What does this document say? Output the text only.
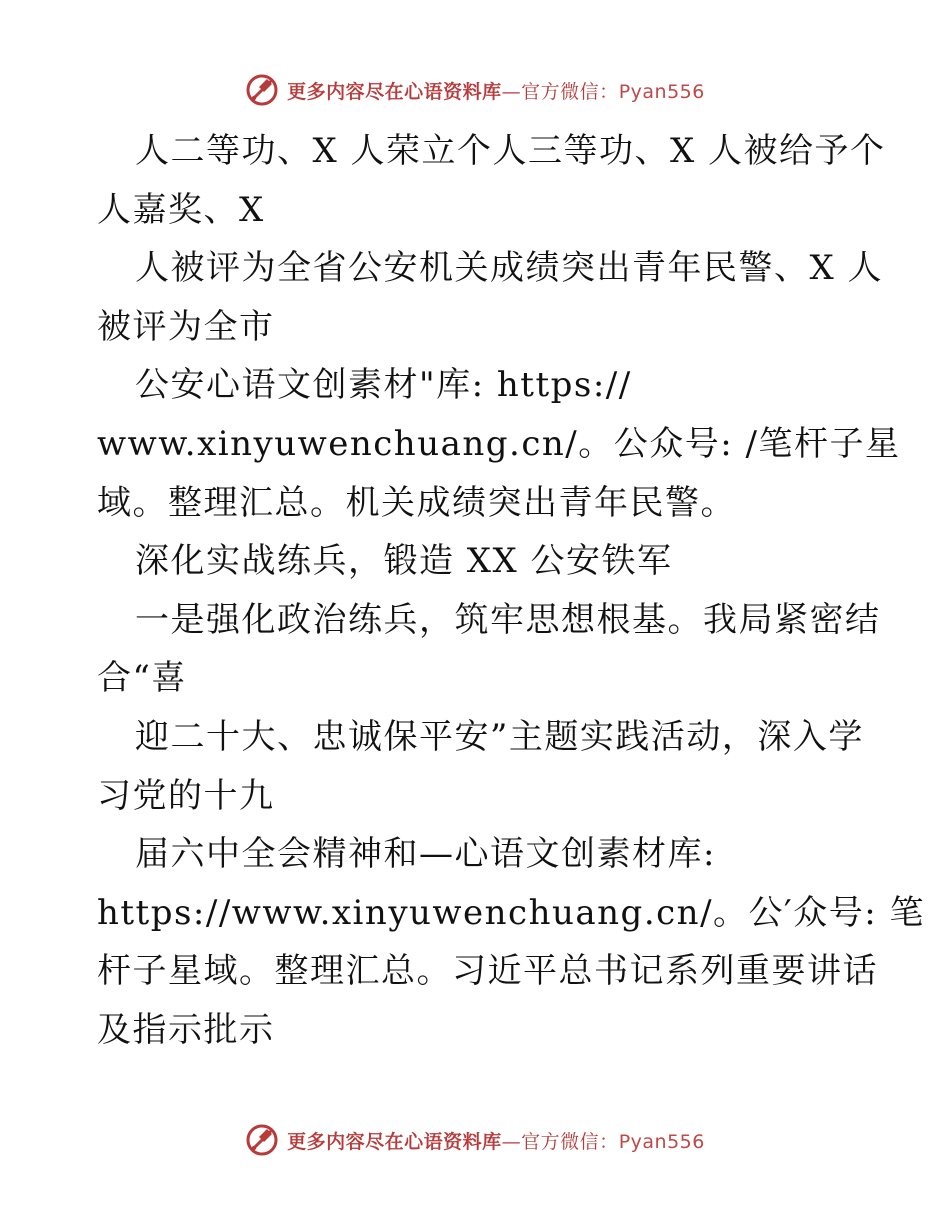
更多内容尽在心语资料库—官方微信：Pyan556
人二等功、X 人荣立个人三等功、X 人被给予个
人嘉奖、X
人被评为全省公安机关成绩突出青年民警、X 人
被评为全市
公安心语文创素材"库: https://
www.xinyuwenchuang.cn/。公众号: /笔杆子星
域。整理汇总。机关成绩突出青年民警。
深化实战练兵，锻造 XX 公安铁军
一是强化政治练兵，筑牢思想根基。我局紧密结
合“喜
迎二十大、忠诚保平安”主题实践活动，深入学
习党的十九
届六中全会精神和—心语文创素材库:
https://www.xinyuwenchuang.cn/。公′众号: 笔
杆子星域。整理汇总。习近平总书记系列重要讲话
及指示批示
更多内容尽在心语资料库—官方微信：Pyan556
